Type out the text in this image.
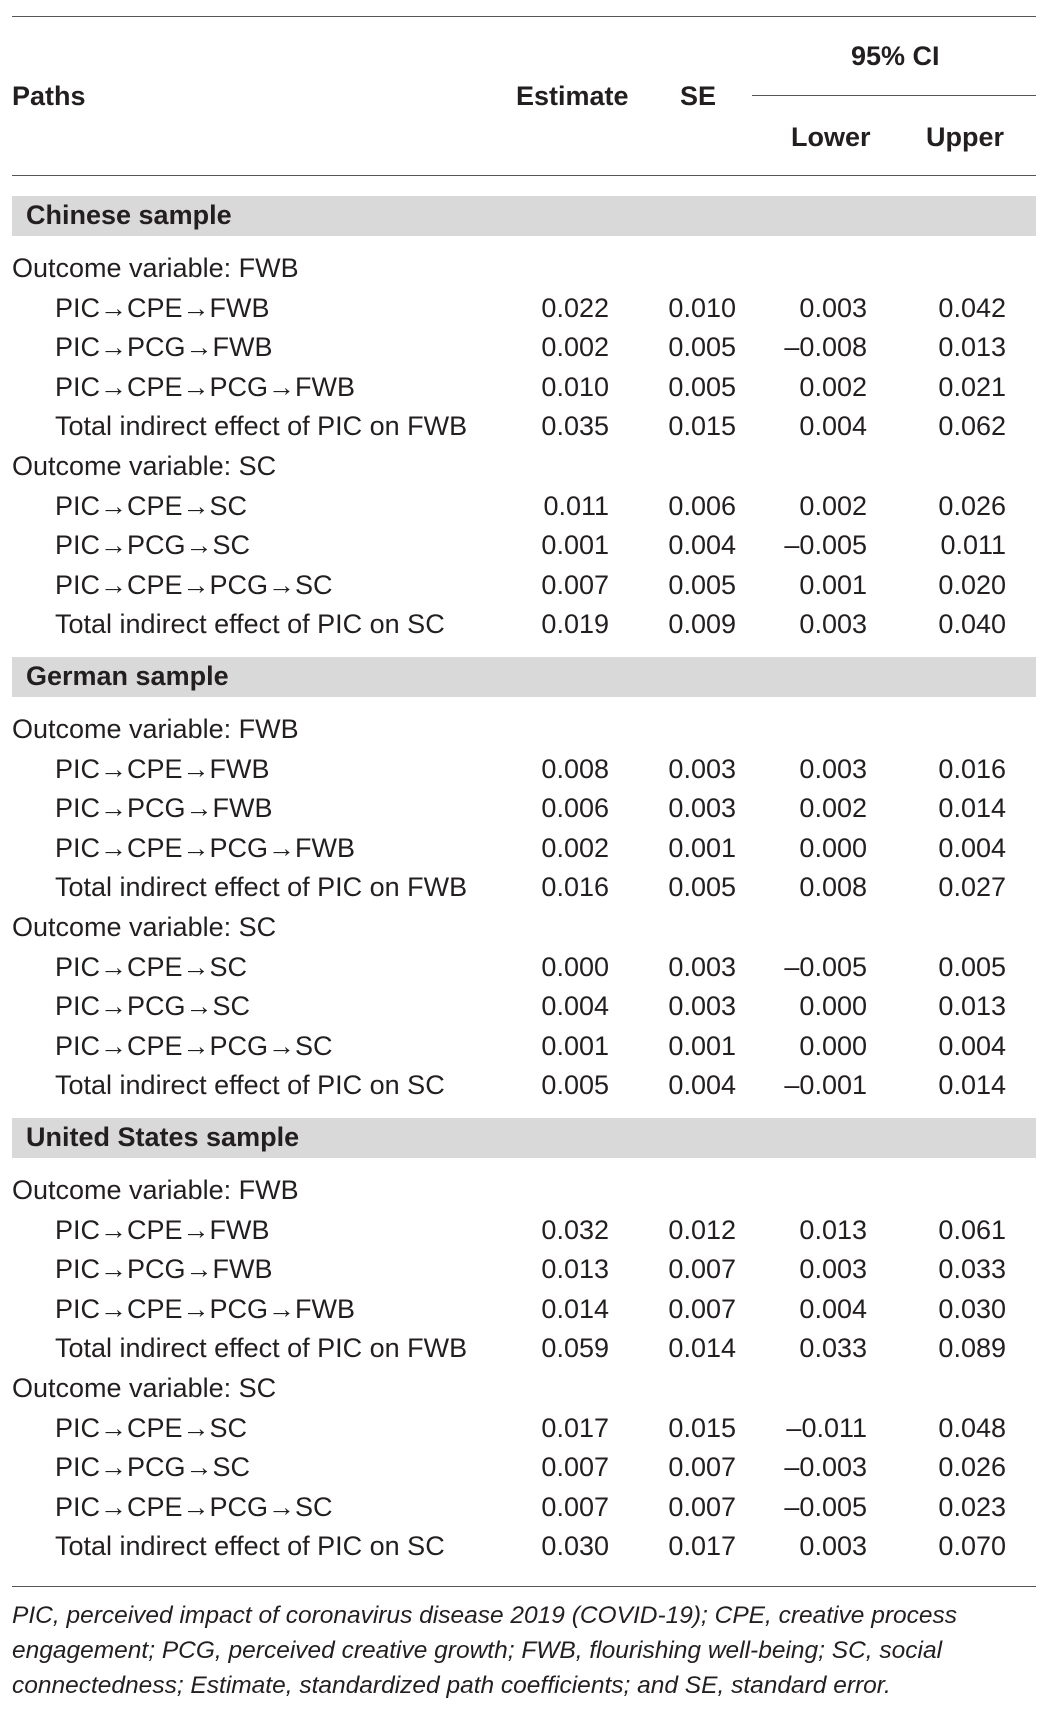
Paths	Estimate SE
95% CI
Lower Upper
Chinese sample
Outcome variable: FWB
PIC→CPE→FWB	0.022 0.010 0.003	0.042
PIC→PCG→FWB	0.002 0.005 –0.008	0.013
PIC→CPE→PCG→FWB	0.010 0.005 0.002	0.021
Total indirect effect of PIC on FWB	0.035 0.015 0.004	0.062
Outcome variable: SC
PIC→CPE→SC	0.011 0.006 0.002	0.026
PIC→PCG→SC	0.001 0.004 –0.005	0.011
PIC→CPE→PCG→SC	0.007 0.005 0.001	0.020
Total indirect effect of PIC on SC	0.019 0.009 0.003	0.040
German sample
Outcome variable: FWB
PIC→CPE→FWB	0.008 0.003 0.003	0.016
PIC→PCG→FWB	0.006 0.003 0.002	0.014
PIC→CPE→PCG→FWB	0.002 0.001 0.000	0.004
Total indirect effect of PIC on FWB	0.016 0.005 0.008	0.027
Outcome variable: SC
PIC→CPE→SC	0.000 0.003 –0.005	0.005
PIC→PCG→SC	0.004 0.003 0.000	0.013
PIC→CPE→PCG→SC	0.001 0.001 0.000	0.004
Total indirect effect of PIC on SC	0.005 0.004 –0.001	0.014
United States sample
Outcome variable: FWB
PIC→CPE→FWB	0.032 0.012 0.013	0.061
PIC→PCG→FWB	0.013 0.007 0.003	0.033
PIC→CPE→PCG→FWB	0.014 0.007 0.004	0.030
Total indirect effect of PIC on FWB	0.059 0.014 0.033	0.089
Outcome variable: SC
PIC→CPE→SC	0.017 0.015 –0.011	0.048
PIC→PCG→SC	0.007 0.007 –0.003	0.026
PIC→CPE→PCG→SC	0.007 0.007 –0.005	0.023
Total indirect effect of PIC on SC	0.030 0.017 0.003	0.070
PIC, perceived impact of coronavirus disease 2019 (COVID-19); CPE, creative process engagement; PCG, perceived creative growth; FWB, flourishing well-being; SC, social connectedness; Estimate, standardized path coefficients; and SE, standard error.
